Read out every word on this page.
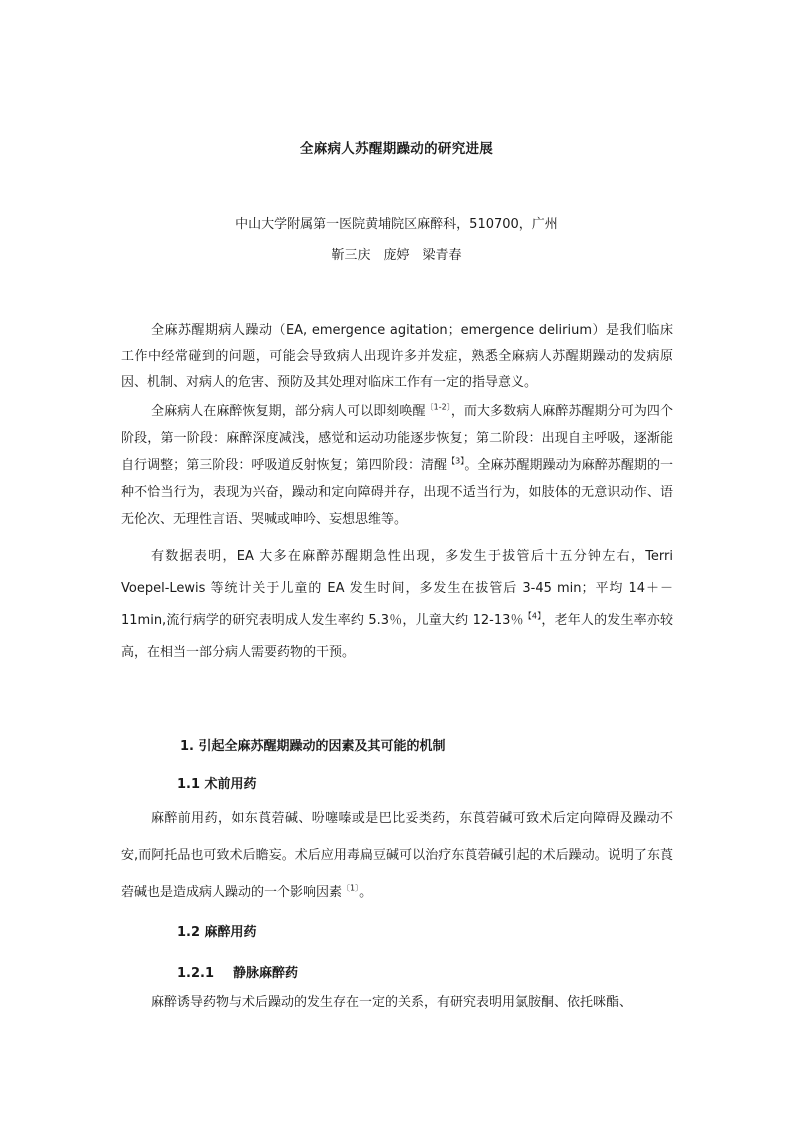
全麻病人苏醒期躁动的研究进展
中山大学附属第一医院黄埔院区麻醉科，510700，广州
靳三庆　庞婷　梁青春

全麻苏醒期病人躁动（EA, emergence agitation；emergence delirium）是我们临床工作中经常碰到的问题，可能会导致病人出现许多并发症，熟悉全麻病人苏醒期躁动的发病原因、机制、对病人的危害、预防及其处理对临床工作有一定的指导意义。

全麻病人在麻醉恢复期，部分病人可以即刻唤醒$^{〔1-2〕}$，而大多数病人麻醉苏醒期分可为四个阶段，第一阶段：麻醉深度减浅，感觉和运动功能逐步恢复；第二阶段：出现自主呼吸，逐渐能自行调整；第三阶段：呼吸道反射恢复；第四阶段：清醒$^{【3】}$。全麻苏醒期躁动为麻醉苏醒期的一种不恰当行为，表现为兴奋，躁动和定向障碍并存，出现不适当行为，如肢体的无意识动作、语无伦次、无理性言语、哭喊或呻吟、妄想思维等。

有数据表明，EA 大多在麻醉苏醒期急性出现，多发生于拔管后十五分钟左右，Terri Voepel-Lewis 等统计关于儿童的 EA 发生时间，多发生在拔管后 3-45 min；平均 14＋－11min,流行病学的研究表明成人发生率约 5.3％，儿童大约 12-13％$^{【4】}$，老年人的发生率亦较高，在相当一部分病人需要药物的干预。

1. 引起全麻苏醒期躁动的因素及其可能的机制
1.1 术前用药

麻醉前用药，如东莨菪碱、吩噻嗪或是巴比妥类药，东莨菪碱可致术后定向障碍及躁动不安,而阿托品也可致术后瞻妄。术后应用毒扁豆碱可以治疗东莨菪碱引起的术后躁动。说明了东莨菪碱也是造成病人躁动的一个影响因素$^{〔1〕}$。

1.2 麻醉用药
1.2.1 静脉麻醉药

麻醉诱导药物与术后躁动的发生存在一定的关系，有研究表明用氯胺酮、依托咪酯、
